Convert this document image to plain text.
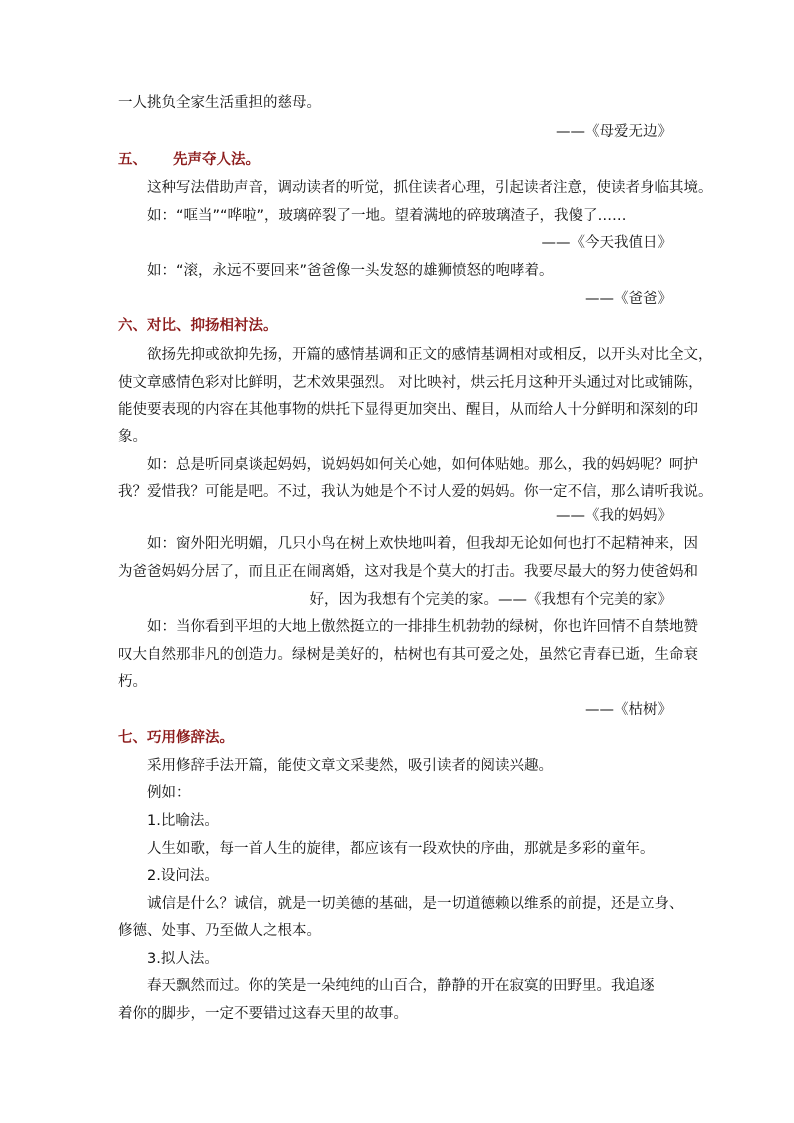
一人挑负全家生活重担的慈母。
——《母爱无边》
五、 先声夺人法。
这种写法借助声音，调动读者的听觉，抓住读者心理，引起读者注意，使读者身临其境。
如：“哐当”“哗啦”，玻璃碎裂了一地。望着满地的碎玻璃渣子，我傻了……
——《今天我值日》
如：“滚，永远不要回来”爸爸像一头发怒的雄狮愤怒的咆哮着。
——《爸爸》
六、对比、抑扬相衬法。
欲扬先抑或欲抑先扬，开篇的感情基调和正文的感情基调相对或相反，以开头对比全文，
使文章感情色彩对比鲜明，艺术效果强烈。 对比映衬，烘云托月这种开头通过对比或铺陈，
能使要表现的内容在其他事物的烘托下显得更加突出、醒目，从而给人十分鲜明和深刻的印
象。
如：总是听同桌谈起妈妈，说妈妈如何关心她，如何体贴她。那么，我的妈妈呢？呵护
我？爱惜我？可能是吧。不过，我认为她是个不讨人爱的妈妈。你一定不信，那么请听我说。
——《我的妈妈》
如：窗外阳光明媚，几只小鸟在树上欢快地叫着，但我却无论如何也打不起精神来，因
为爸爸妈妈分居了，而且正在闹离婚，这对我是个莫大的打击。我要尽最大的努力使爸妈和
好，因为我想有个完美的家。——《我想有个完美的家》
如：当你看到平坦的大地上傲然挺立的一排排生机勃勃的绿树，你也许回情不自禁地赞
叹大自然那非凡的创造力。绿树是美好的，枯树也有其可爱之处，虽然它青春已逝，生命衰
朽。
——《枯树》
七、巧用修辞法。
采用修辞手法开篇，能使文章文采斐然，吸引读者的阅读兴趣。
例如：
1.比喻法。
人生如歌，每一首人生的旋律，都应该有一段欢快的序曲，那就是多彩的童年。
2.设问法。
诚信是什么？诚信，就是一切美德的基础，是一切道德赖以维系的前提，还是立身、
修德、处事、乃至做人之根本。
3.拟人法。
春天飘然而过。你的笑是一朵纯纯的山百合，静静的开在寂寞的田野里。我追逐
着你的脚步，一定不要错过这春天里的故事。
